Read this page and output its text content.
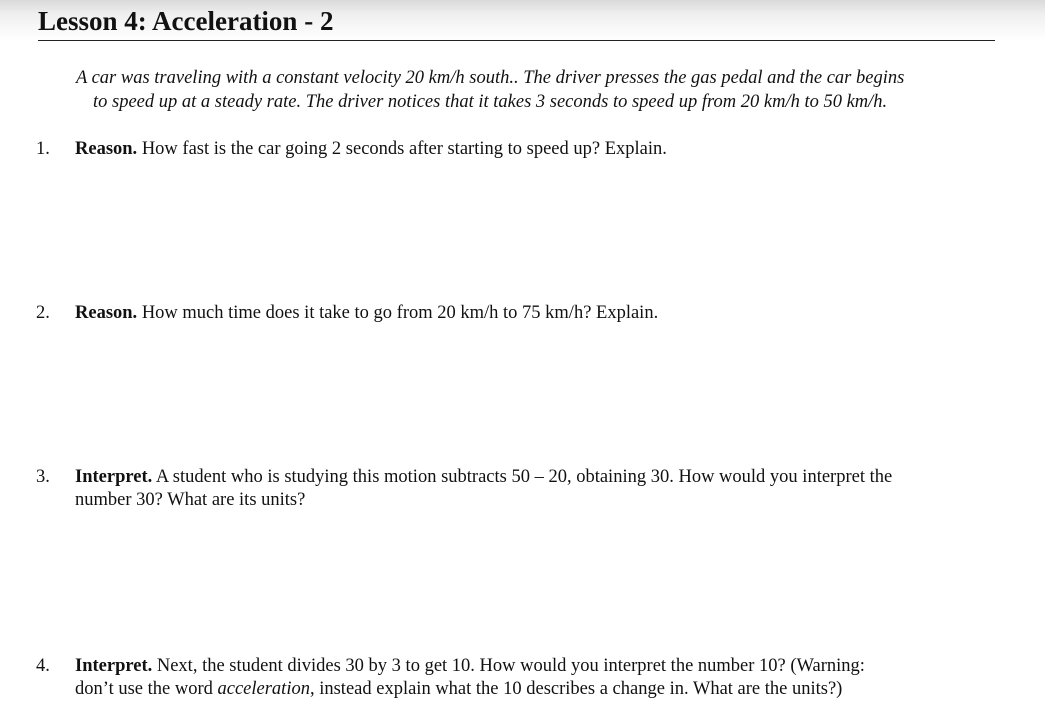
Lesson 4: Acceleration - 2
A car was traveling with a constant velocity 20 km/h south.. The driver presses the gas pedal and the car begins
to speed up at a steady rate. The driver notices that it takes 3 seconds to speed up from 20 km/h to 50 km/h.
1. Reason. How fast is the car going 2 seconds after starting to speed up? Explain.
2. Reason. How much time does it take to go from 20 km/h to 75 km/h? Explain.
3. Interpret. A student who is studying this motion subtracts 50 – 20, obtaining 30. How would you interpret the
number 30? What are its units?
4. Interpret. Next, the student divides 30 by 3 to get 10. How would you interpret the number 10? (Warning:
don’t use the word acceleration, instead explain what the 10 describes a change in. What are the units?)
